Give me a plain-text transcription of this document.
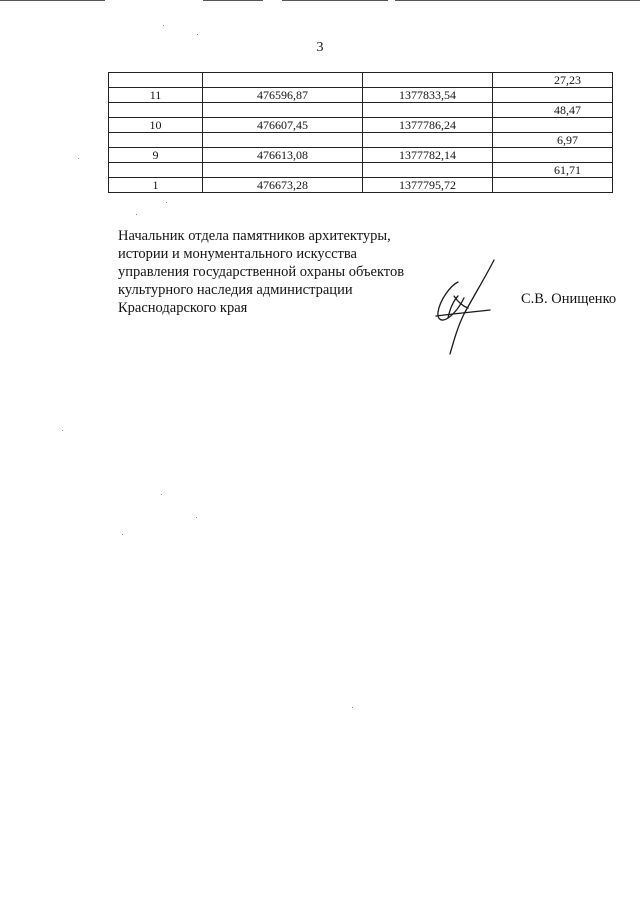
3
			27,23
11	476596,87	1377833,54	
			48,47
10	476607,45	1377786,24	
			6,97
9	476613,08	1377782,14	
			61,71
1	476673,28	1377795,72	
Начальник отдела памятников архитектуры,
истории и монументального искусства
управления государственной охраны объектов
культурного наследия администрации
Краснодарского края
С.В. Онищенко
